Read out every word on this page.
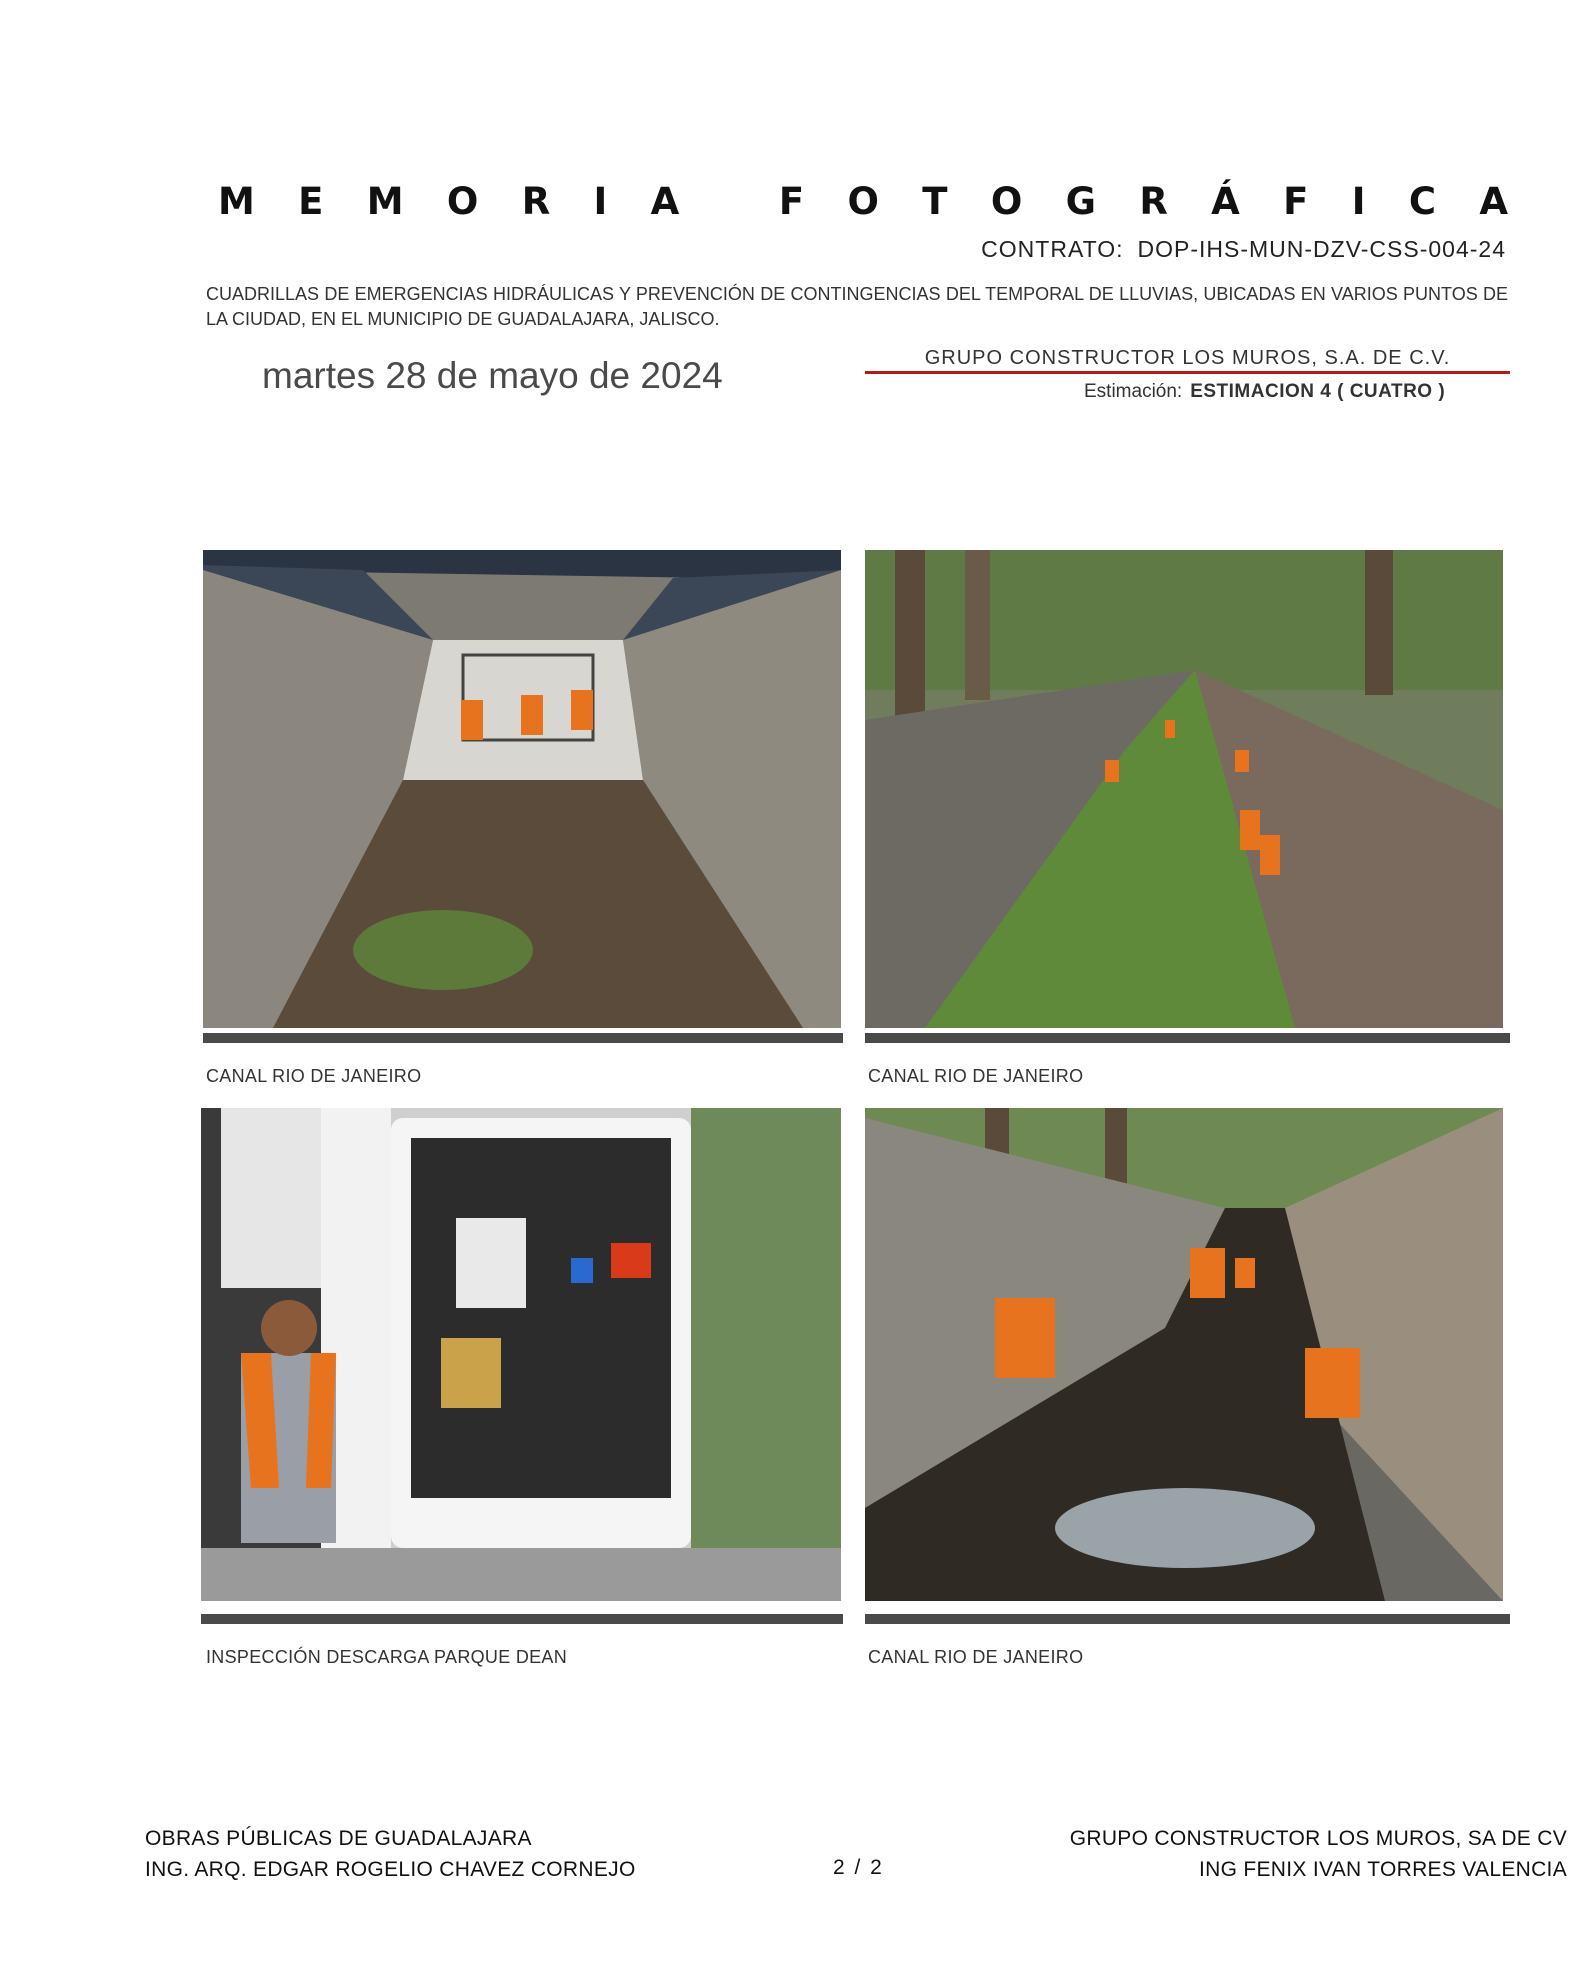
M E M O R I A
	F O T O G R Á F I C A
CONTRATO: DOP-IHS-MUN-DZV-CSS-004-24
CUADRILLAS DE EMERGENCIAS HIDRÁULICAS Y PREVENCIÓN DE CONTINGENCIAS DEL TEMPORAL DE LLUVIAS, UBICADAS EN VARIOS PUNTOS DE LA CIUDAD, EN EL MUNICIPIO DE GUADALAJARA, JALISCO.
martes 28 de mayo de 2024	GRUPO CONSTRUCTOR LOS MUROS, S.A. DE C.V.
Estimación: ESTIMACION 4 ( CUATRO )
CANAL RIO DE JANEIRO	CANAL RIO DE JANEIRO
INSPECCIÓN DESCARGA PARQUE DEAN	CANAL RIO DE JANEIRO
OBRAS PÚBLICAS DE GUADALAJARA
ING. ARQ. EDGAR ROGELIO CHAVEZ CORNEJO	2 / 2
GRUPO CONSTRUCTOR LOS MUROS, SA DE CV
ING FENIX IVAN TORRES VALENCIA
